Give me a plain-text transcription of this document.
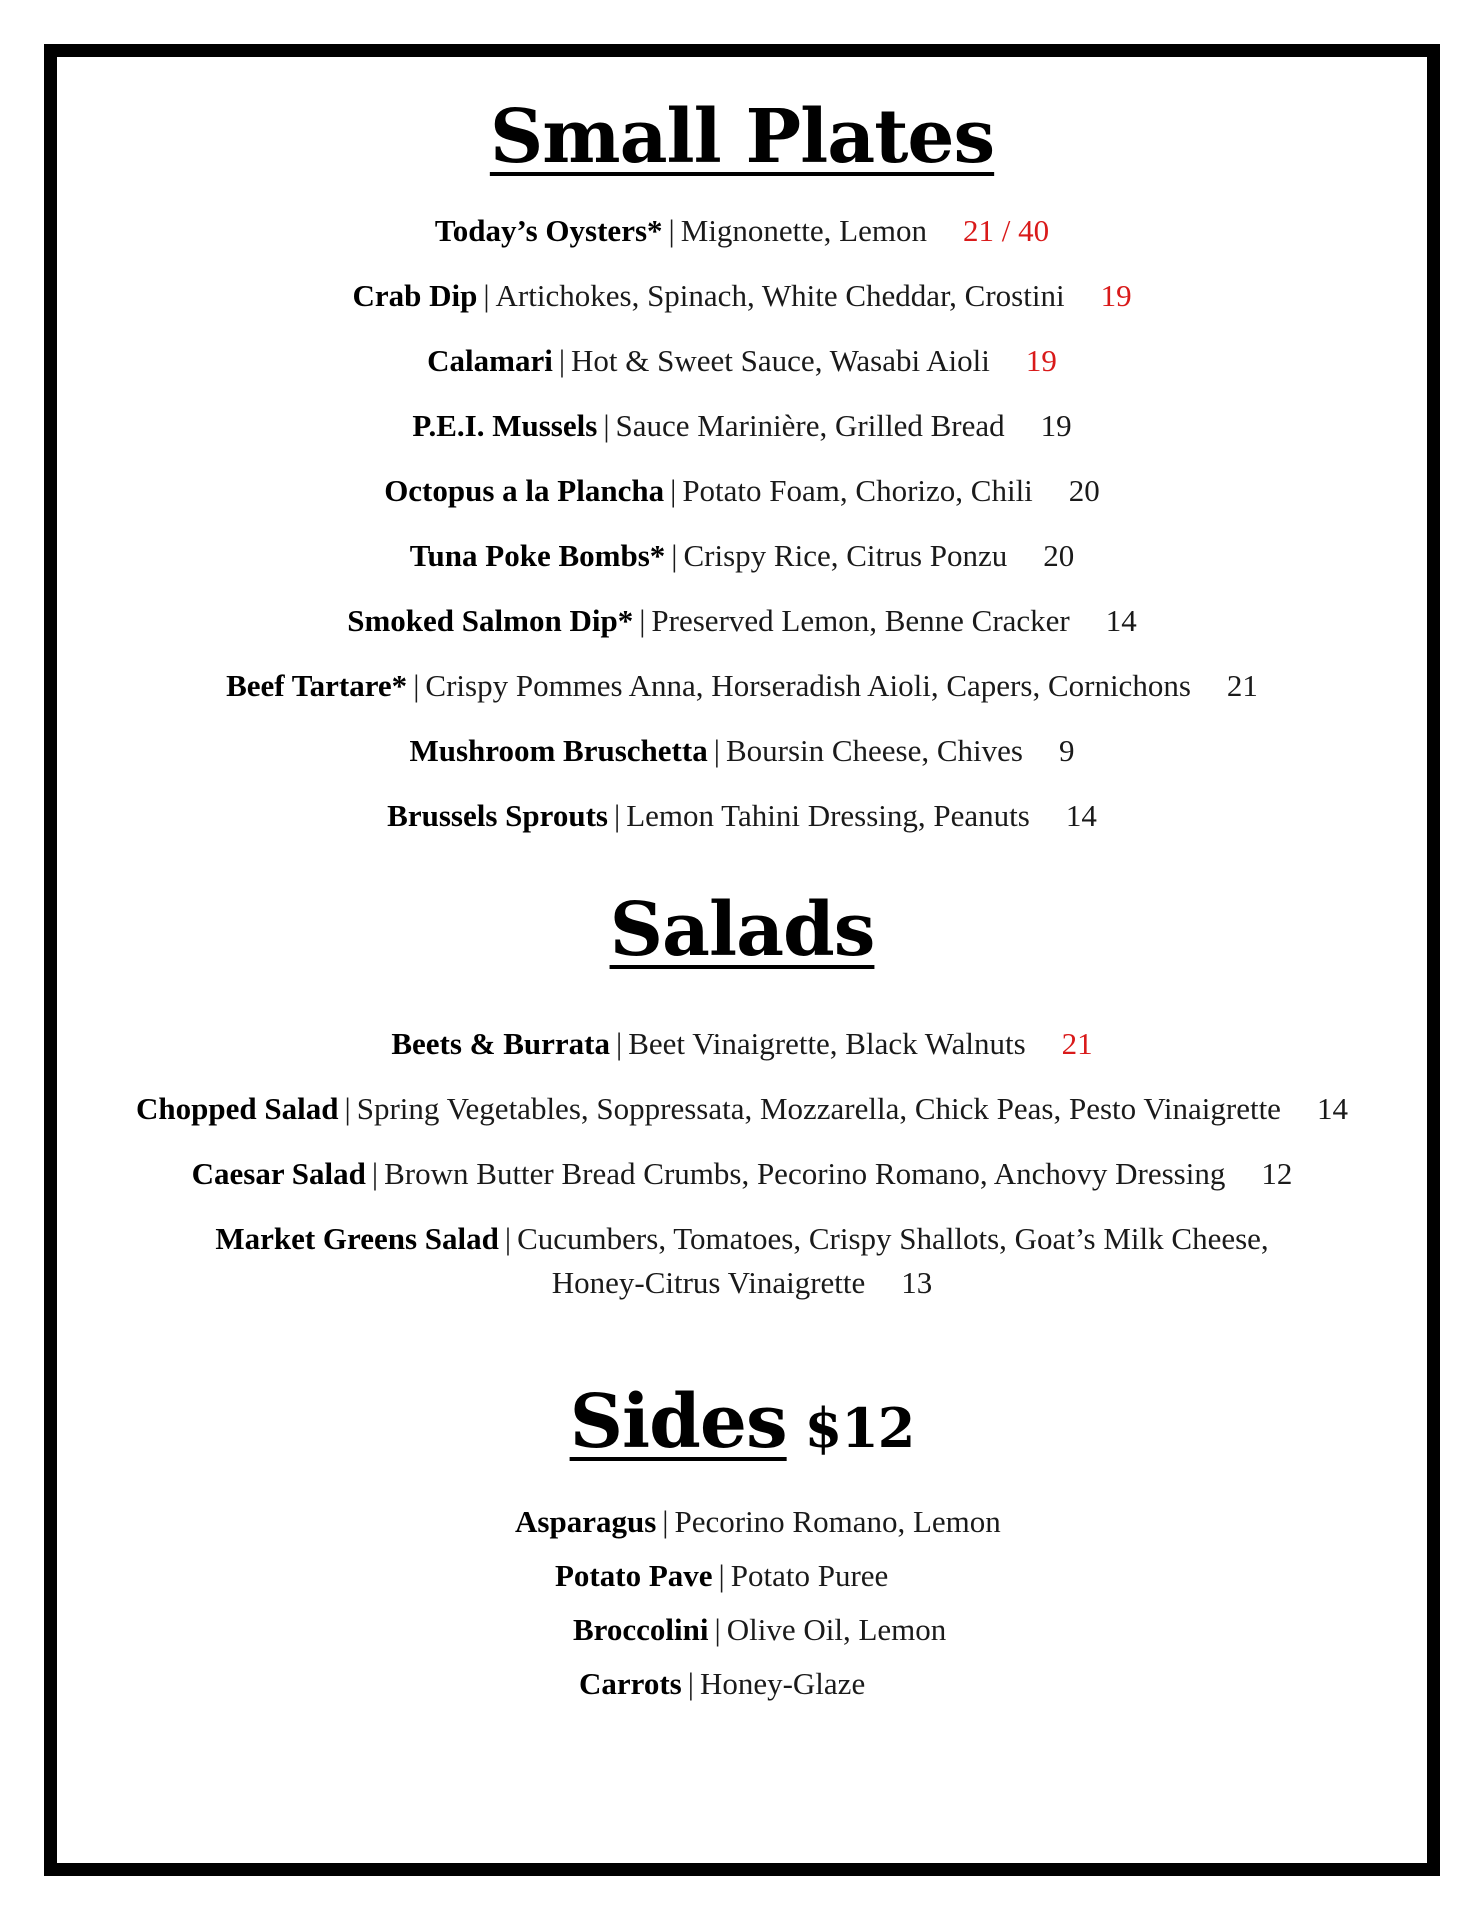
Small Plates
Today’s Oysters* | Mignonette, Lemon 21 / 40
Crab Dip | Artichokes, Spinach, White Cheddar, Crostini 19
Calamari | Hot & Sweet Sauce, Wasabi Aioli 19
P.E.I. Mussels | Sauce Marinière, Grilled Bread 19
Octopus a la Plancha | Potato Foam, Chorizo, Chili 20
Tuna Poke Bombs* | Crispy Rice, Citrus Ponzu 20
Smoked Salmon Dip* | Preserved Lemon, Benne Cracker 14
Beef Tartare* | Crispy Pommes Anna, Horseradish Aioli, Capers, Cornichons 21
Mushroom Bruschetta | Boursin Cheese, Chives 9
Brussels Sprouts | Lemon Tahini Dressing, Peanuts 14
Salads
Beets & Burrata | Beet Vinaigrette, Black Walnuts 21
Chopped Salad | Spring Vegetables, Soppressata, Mozzarella, Chick Peas, Pesto Vinaigrette 14
Caesar Salad | Brown Butter Bread Crumbs, Pecorino Romano, Anchovy Dressing 12
Market Greens Salad | Cucumbers, Tomatoes, Crispy Shallots, Goat’s Milk Cheese,
Honey-Citrus Vinaigrette 13
Sides $12
Asparagus | Pecorino Romano, Lemon
Potato Pave | Potato Puree
Broccolini | Olive Oil, Lemon
Carrots | Honey-Glaze
